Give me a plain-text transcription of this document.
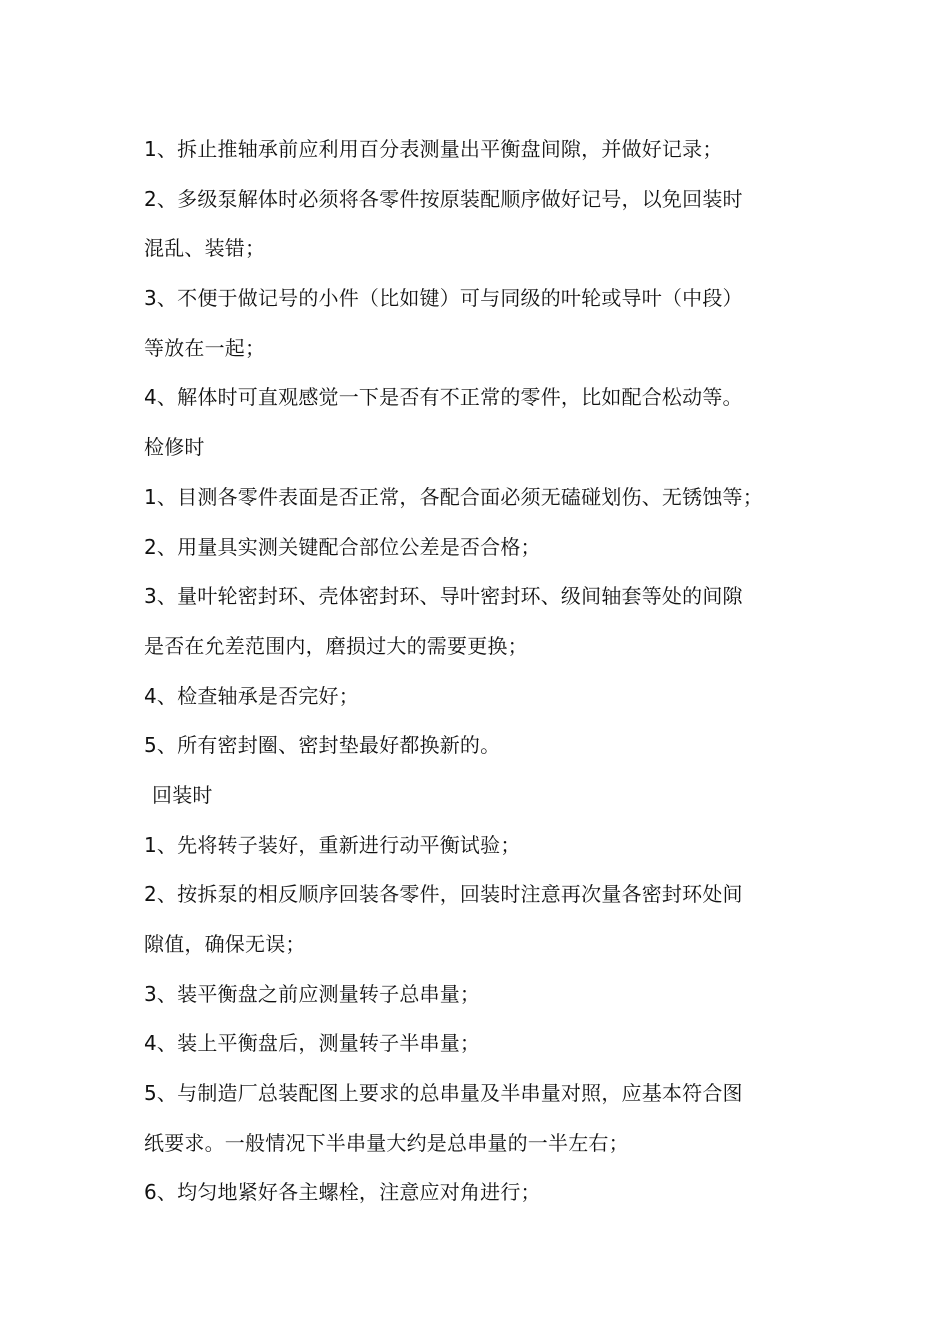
1、拆止推轴承前应利用百分表测量出平衡盘间隙，并做好记录；
2、多级泵解体时必须将各零件按原装配顺序做好记号，以免回装时
混乱、装错；
3、不便于做记号的小件（比如键）可与同级的叶轮或导叶（中段）
等放在一起；
4、解体时可直观感觉一下是否有不正常的零件，比如配合松动等。
检修时
1、目测各零件表面是否正常，各配合面必须无磕碰划伤、无锈蚀等；
2、用量具实测关键配合部位公差是否合格；
3、量叶轮密封环、壳体密封环、导叶密封环、级间轴套等处的间隙
是否在允差范围内，磨损过大的需要更换；
4、检查轴承是否完好；
5、所有密封圈、密封垫最好都换新的。
回装时
1、先将转子装好，重新进行动平衡试验；
2、按拆泵的相反顺序回装各零件，回装时注意再次量各密封环处间
隙值，确保无误；
3、装平衡盘之前应测量转子总串量；
4、装上平衡盘后，测量转子半串量；
5、与制造厂总装配图上要求的总串量及半串量对照，应基本符合图
纸要求。一般情况下半串量大约是总串量的一半左右；
6、均匀地紧好各主螺栓，注意应对角进行；
